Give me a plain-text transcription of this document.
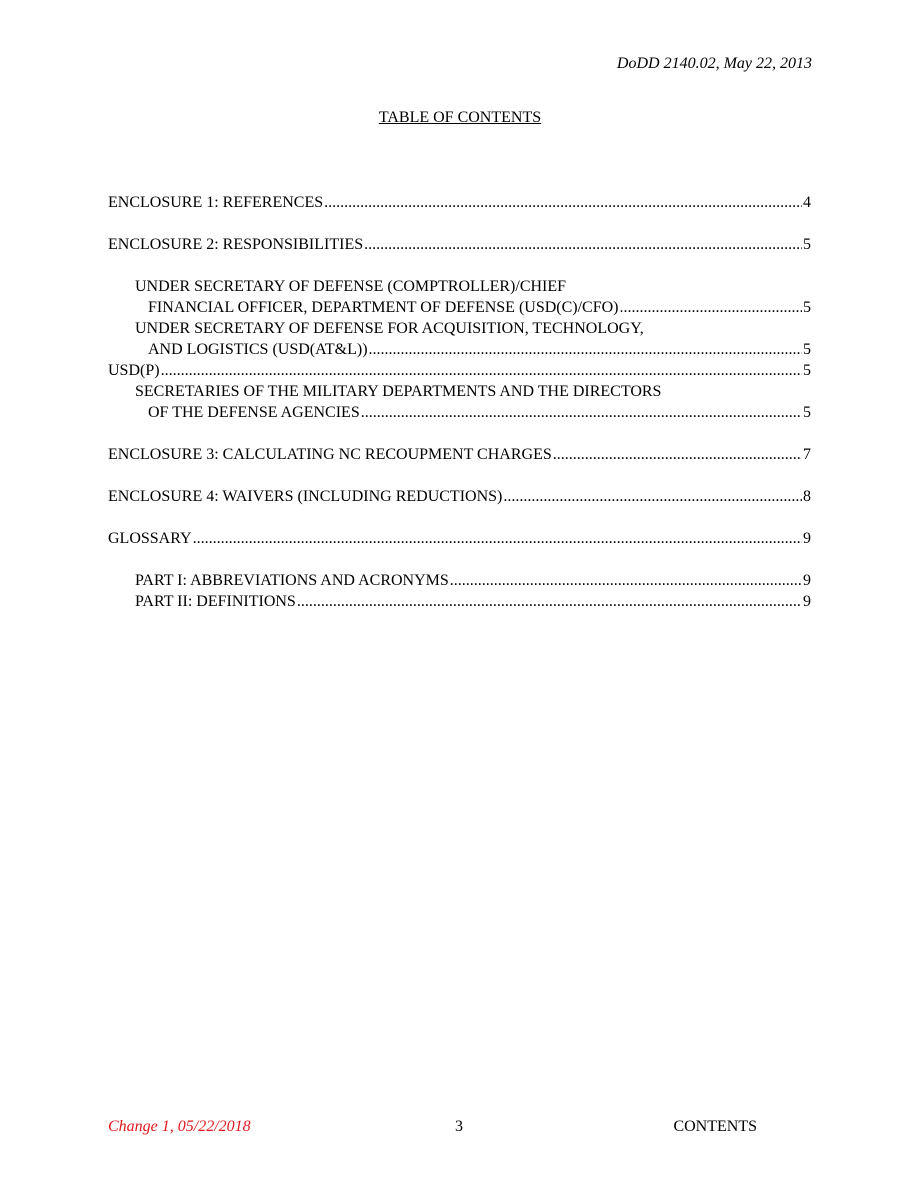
DoDD 2140.02, May 22, 2013
TABLE OF CONTENTS
ENCLOSURE 1: REFERENCES .....	4
ENCLOSURE 2: RESPONSIBILITIES .....	5
UNDER SECRETARY OF DEFENSE (COMPTROLLER)/CHIEF
FINANCIAL OFFICER, DEPARTMENT OF DEFENSE (USD(C)/CFO) .....	5
UNDER SECRETARY OF DEFENSE FOR ACQUISITION, TECHNOLOGY,
AND LOGISTICS (USD(AT&L)) .....	5
USD(P) .....	5
SECRETARIES OF THE MILITARY DEPARTMENTS AND THE DIRECTORS
OF THE DEFENSE AGENCIES .....	5
ENCLOSURE 3: CALCULATING NC RECOUPMENT CHARGES .....	7
ENCLOSURE 4: WAIVERS (INCLUDING REDUCTIONS) .....	8
GLOSSARY .....	9
PART I: ABBREVIATIONS AND ACRONYMS .....	9
PART II: DEFINITIONS .....	9
Change 1, 05/22/2018	3	CONTENTS
